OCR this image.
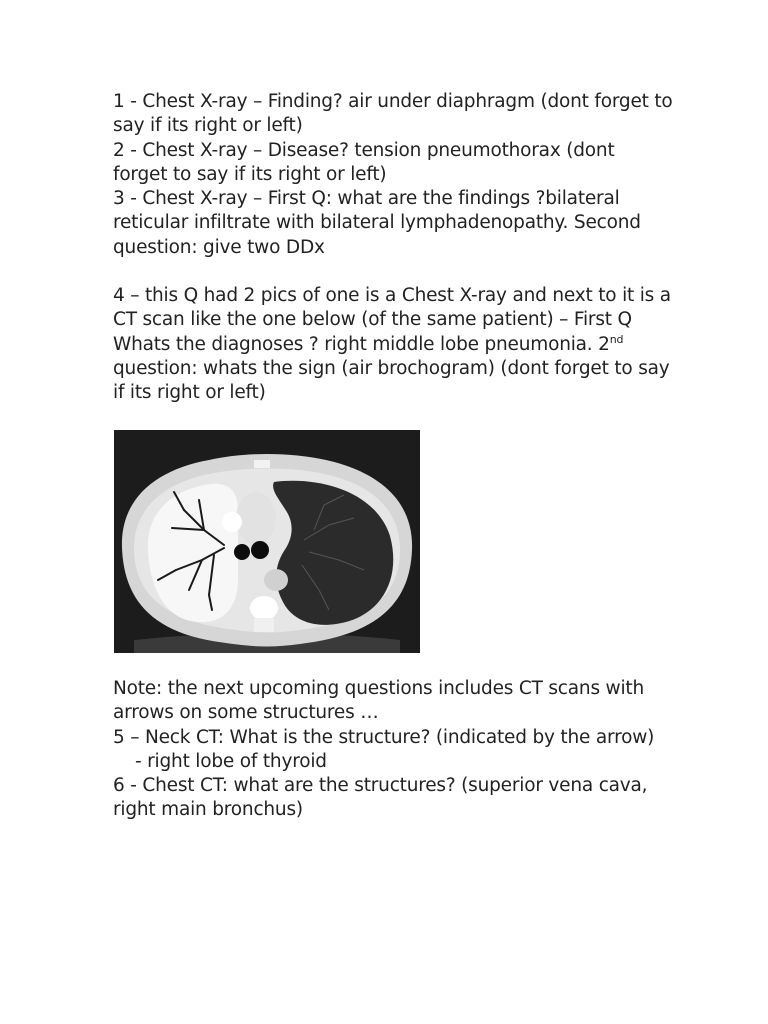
1 - Chest X-ray – Finding? air under diaphragm (dont forget to say if its right or left)

2 - Chest X-ray – Disease? tension pneumothorax (dont forget to say if its right or left)

3 - Chest X-ray – First Q: what are the findings ?bilateral reticular infiltrate with bilateral lymphadenopathy. Second question: give two DDx

4 – this Q had 2 pics of one is a Chest X-ray and next to it is a CT scan like the one below (of the same patient) – First Q Whats the diagnoses ? right middle lobe pneumonia. 2nd question: whats the sign (air brochogram) (dont forget to say if its right or left)

Note: the next upcoming questions includes CT scans with arrows on some structures …

5 – Neck CT: What is the structure? (indicated by the arrow)

- right lobe of thyroid

6 - Chest CT: what are the structures? (superior vena cava, right main bronchus)
